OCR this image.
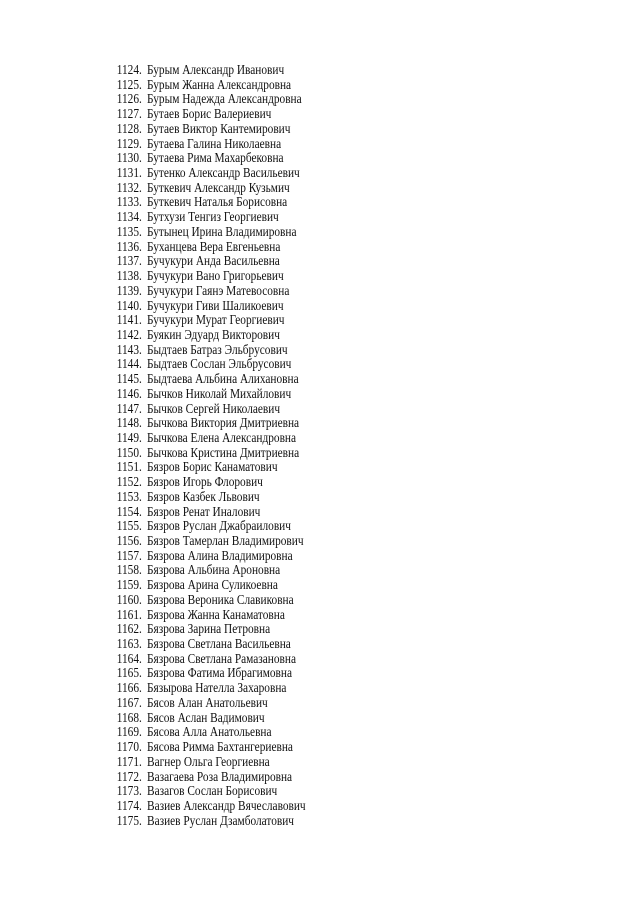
1124. Бурым Александр Иванович
1125. Бурым Жанна Александровна
1126. Бурым Надежда Александровна
1127. Бутаев Борис Валериевич
1128. Бутаев Виктор Кантемирович
1129. Бутаева Галина Николаевна
1130. Бутаева Рима Махарбековна
1131. Бутенко Александр Васильевич
1132. Буткевич Александр Кузьмич
1133. Буткевич Наталья Борисовна
1134. Бутхузи Тенгиз Георгиевич
1135. Бутынец Ирина Владимировна
1136. Буханцева Вера Евгеньевна
1137. Бучукури Анда Васильевна
1138. Бучукури Вано Григорьевич
1139. Бучукури Гаянэ Матевосовна
1140. Бучукури Гиви Шаликоевич
1141. Бучукури Мурат Георгиевич
1142. Буякин Эдуард Викторович
1143. Быдтаев Батраз Эльбрусович
1144. Быдтаев Сослан Эльбрусович
1145. Быдтаева Альбина Алихановна
1146. Бычков Николай Михайлович
1147. Бычков Сергей Николаевич
1148. Бычкова Виктория Дмитриевна
1149. Бычкова Елена Александровна
1150. Бычкова Кристина Дмитриевна
1151. Бязров Борис Канаматович
1152. Бязров Игорь Флорович
1153. Бязров Казбек Львович
1154. Бязров Ренат Иналович
1155. Бязров Руслан Джабраилович
1156. Бязров Тамерлан Владимирович
1157. Бязрова Алина Владимировна
1158. Бязрова Альбина Ароновна
1159. Бязрова Арина Суликоевна
1160. Бязрова Вероника Славиковна
1161. Бязрова Жанна Канаматовна
1162. Бязрова Зарина Петровна
1163. Бязрова Светлана Васильевна
1164. Бязрова Светлана Рамазановна
1165. Бязрова Фатима Ибрагимовна
1166. Бязырова Нателла Захаровна
1167. Бясов Алан Анатольевич
1168. Бясов Аслан Вадимович
1169. Бясова Алла Анатольевна
1170. Бясова Римма Бахтангериевна
1171. Вагнер Ольга Георгиевна
1172. Вазагаева Роза Владимировна
1173. Вазагов Сослан Борисович
1174. Вазиев Александр Вячеславович
1175. Вазиев Руслан Дзамболатович
